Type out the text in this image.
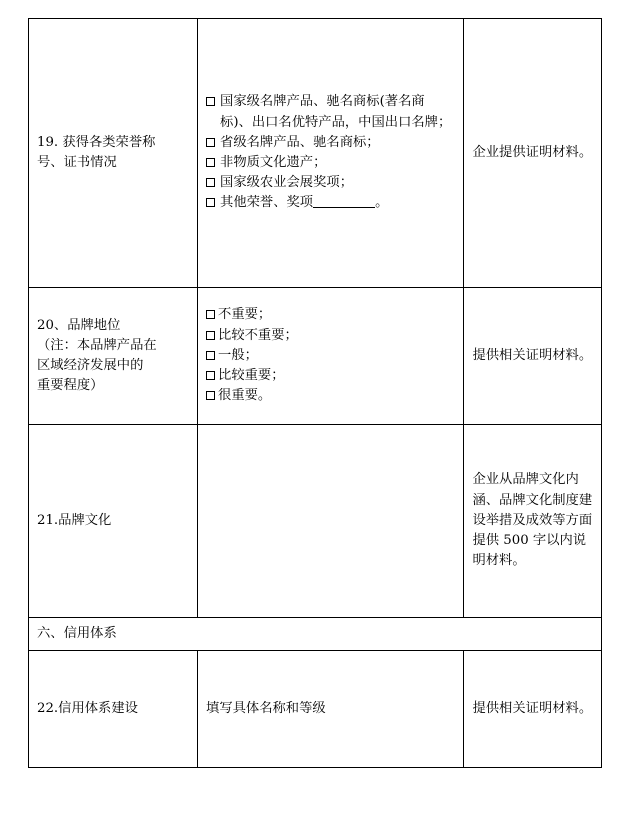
19. 获得各类荣誉称
号、证书情况	国家级名牌产品、驰名商标(著名商标)、出口名优特产品，中国出口名牌；
省级名牌产品、驰名商标；
非物质文化遗产；
国家级农业会展奖项；
其他荣誉、奖项 。	企业提供证明材料。

20、品牌地位
（注：本品牌产品在
区域经济发展中的
重要程度）	不重要；
比较不重要；
一般；
比较重要；
很重要。	提供相关证明材料。

21.品牌文化		企业从品牌文化内涵、品牌文化制度建设举措及成效等方面提供 500 字以内说明材料。
六、信用体系		

22.信用体系建设	填写具体名称和等级	提供相关证明材料。
